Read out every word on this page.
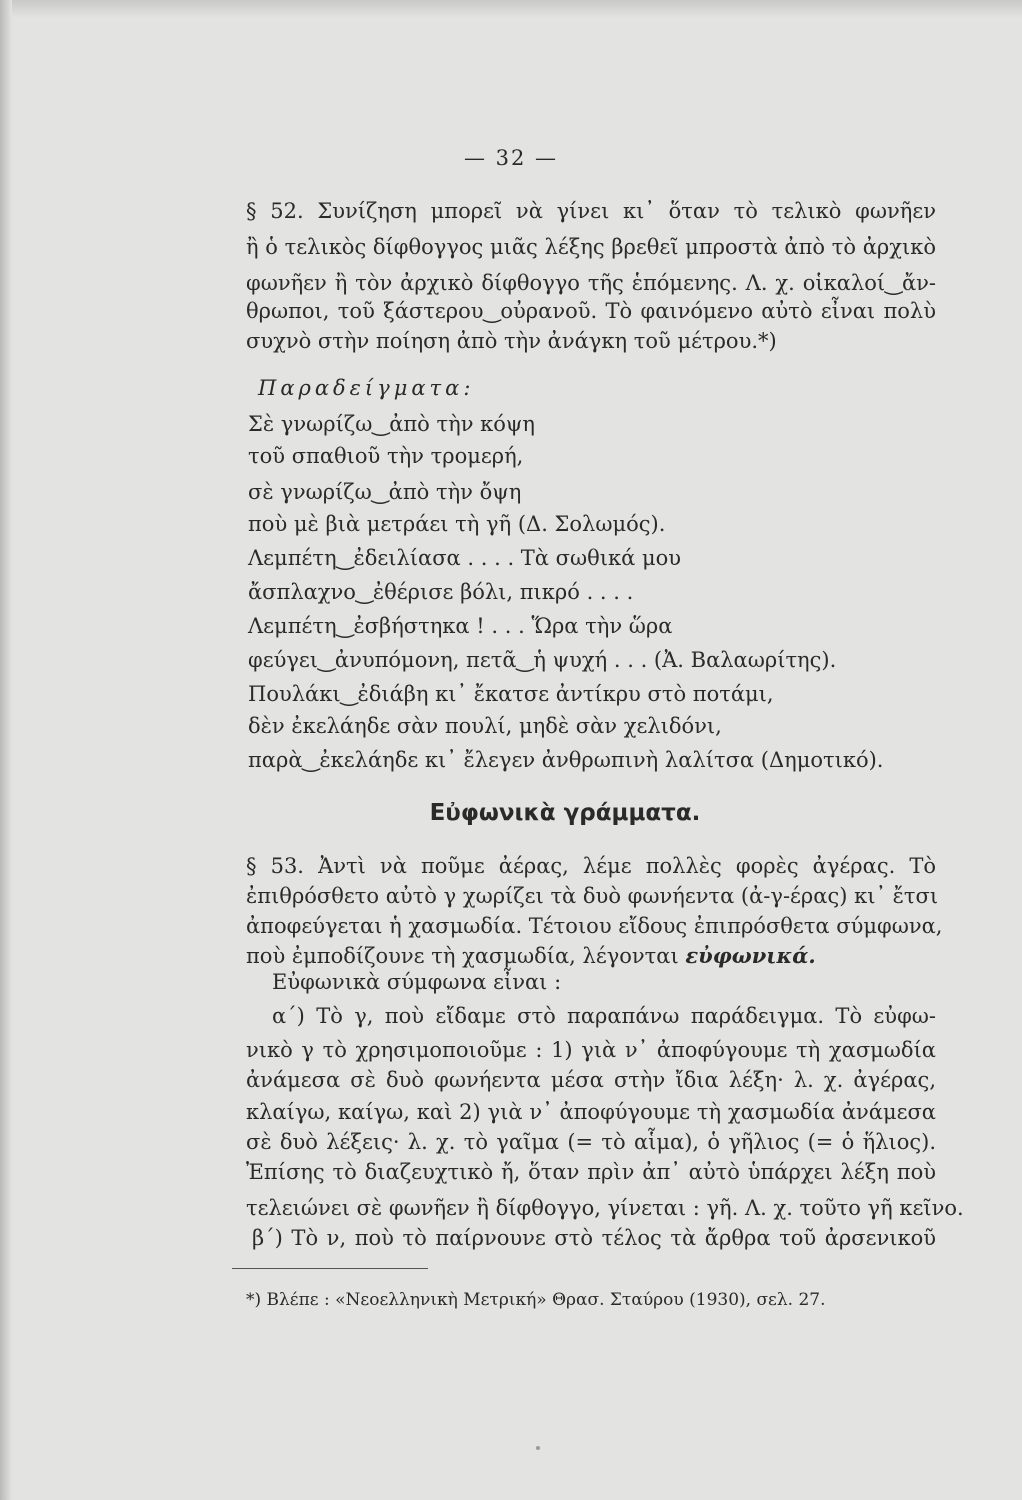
— 32 —
§ 52. Συνίζηση μπορεῖ νὰ γίνει κι᾽ ὅταν τὸ τελικὸ φωνῆεν
ἢ ὁ τελικὸς δίφθογγος μιᾶς λέξης βρεθεῖ μπροστὰ ἀπὸ τὸ ἀρχικὸ
φωνῆεν ἢ τὸν ἀρχικὸ δίφθογγο τῆς ἑπόμενης. Λ. χ. οἱκαλοί‿ἄν-
θρωποι, τοῦ ξάστερου‿οὐρανοῦ. Τὸ φαινόμενο αὐτὸ εἶναι πολὺ
συχνὸ στὴν ποίηση ἀπὸ τὴν ἀνάγκη τοῦ μέτρου.*)
Παραδείγματα:
Σὲ γνωρίζω‿ἀπὸ τὴν κόψη
τοῦ σπαθιοῦ τὴν τρομερή,
σὲ γνωρίζω‿ἀπὸ τὴν ὄψη
ποὺ μὲ βιὰ μετράει τὴ γῆ (Δ. Σολωμός).
Λεμπέτη‿ἐδειλίασα . . . . Τὰ σωθικά μου
ἄσπλαχνο‿ἐθέρισε βόλι, πικρό . . . .
Λεμπέτη‿ἐσβήστηκα ! . . . Ὥρα τὴν ὥρα
φεύγει‿ἀνυπόμονη, πετᾶ‿ἡ ψυχή . . . (Ἀ. Βαλαωρίτης).
Πουλάκι‿ἐδιάβη κι᾽ ἔκατσε ἀντίκρυ στὸ ποτάμι,
δὲν ἐκελάηδε σὰν πουλί, μηδὲ σὰν χελιδόνι,
παρὰ‿ἐκελάηδε κι᾽ ἔλεγεν ἀνθρωπινὴ λαλίτσα (Δημοτικό).
Εὐφωνικὰ γράμματα.
§ 53. Ἀντὶ νὰ ποῦμε ἀέρας, λέμε πολλὲς φορὲς ἀγέρας. Τὸ
ἐπιθρόσθετο αὐτὸ γ χωρίζει τὰ δυὸ φωνήεντα (ἀ-γ-έρας) κι᾽ ἔτσι
ἀποφεύγεται ἡ χασμωδία. Τέτοιου εἴδους ἐπιπρόσθετα σύμφωνα,
ποὺ ἐμποδίζουνε τὴ χασμωδία, λέγονται εὐφωνικά.
Εὐφωνικὰ σύμφωνα εἶναι :
α΄) Τὸ γ, ποὺ εἴδαμε στὸ παραπάνω παράδειγμα. Τὸ εὐφω-
νικὸ γ τὸ χρησιμοποιοῦμε : 1) γιὰ ν᾽ ἀποφύγουμε τὴ χασμωδία
ἀνάμεσα σὲ δυὸ φωνήεντα μέσα στὴν ἴδια λέξη· λ. χ. ἀγέρας,
κλαίγω, καίγω, καὶ 2) γιὰ ν᾽ ἀποφύγουμε τὴ χασμωδία ἀνάμεσα
σὲ δυὸ λέξεις· λ. χ. τὸ γαῖμα (= τὸ αἷμα), ὁ γῆλιος (= ὁ ἥλιος).
Ἐπίσης τὸ διαζευχτικὸ ἤ, ὅταν πρὶν ἀπ᾽ αὐτὸ ὑπάρχει λέξη ποὺ
τελειώνει σὲ φωνῆεν ἢ δίφθογγο, γίνεται : γῆ. Λ. χ. τοῦτο γῆ κεῖνο.
β΄) Τὸ ν, ποὺ τὸ παίρνουνε στὸ τέλος τὰ ἄρθρα τοῦ ἀρσενικοῦ
*) Βλέπε : «Νεοελληνικὴ Μετρική» Θρασ. Σταύρου (1930), σελ. 27.
